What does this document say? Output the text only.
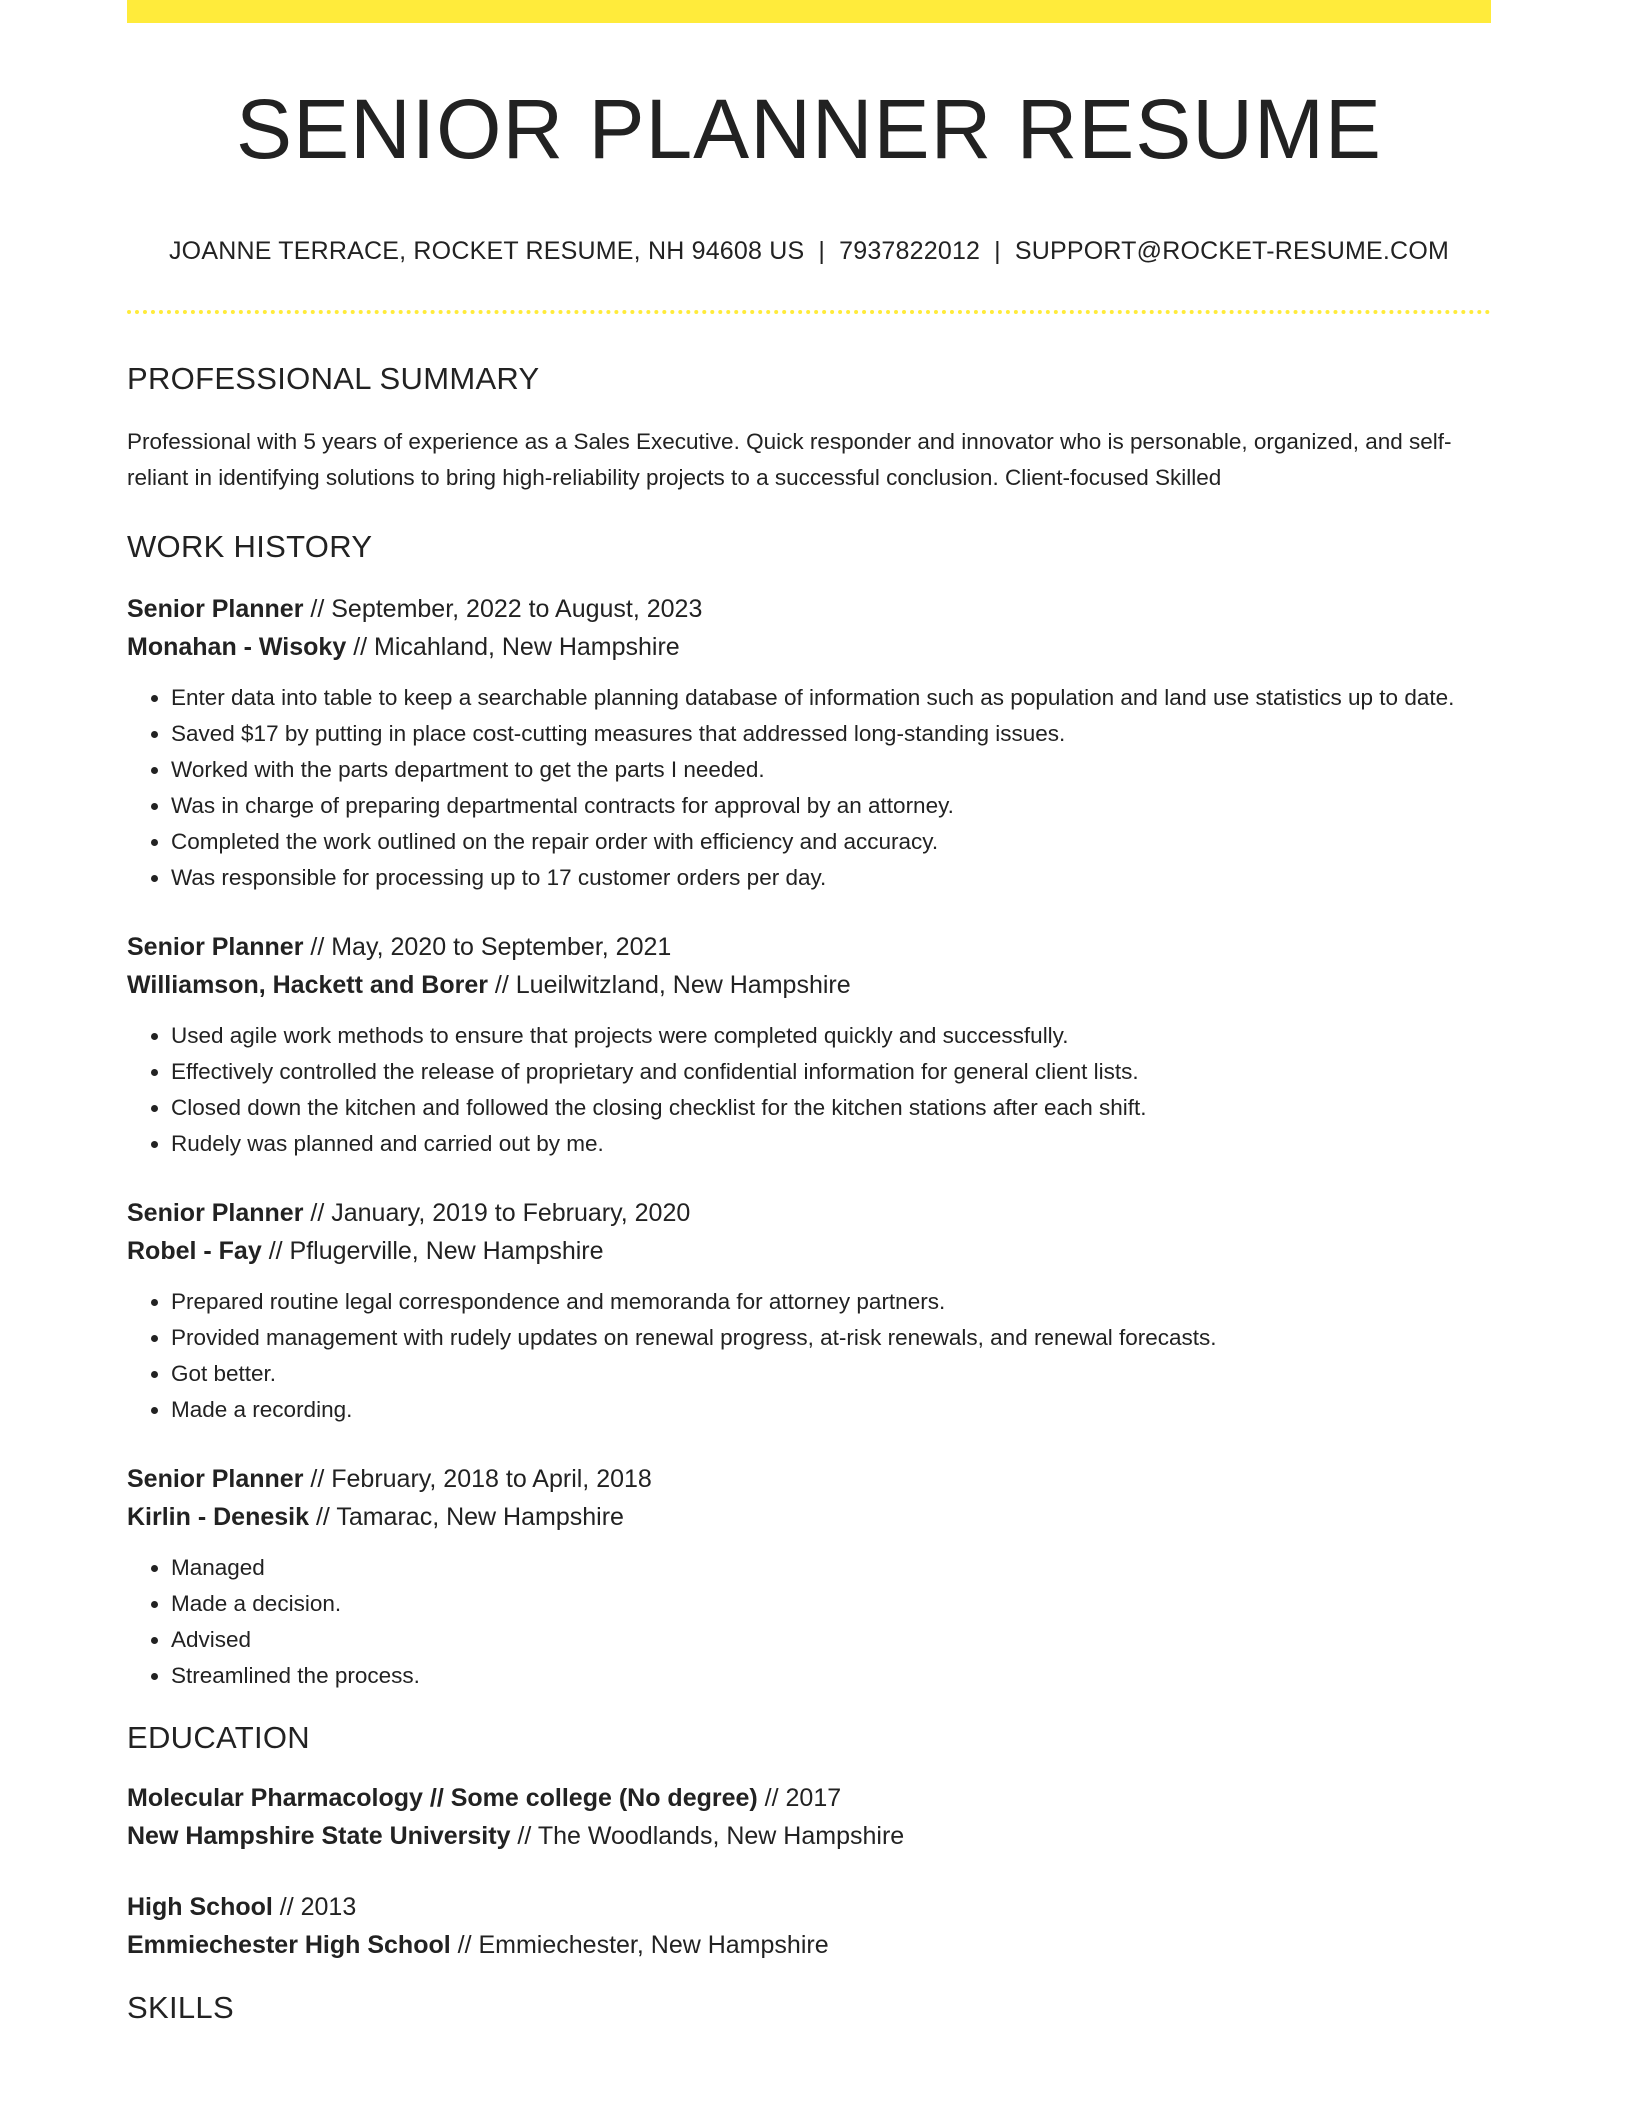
SENIOR PLANNER RESUME
JOANNE TERRACE, ROCKET RESUME, NH 94608 US | 7937822012 | SUPPORT@ROCKET-RESUME.COM
PROFESSIONAL SUMMARY
Professional with 5 years of experience as a Sales Executive. Quick responder and innovator who is personable, organized, and self-reliant in identifying solutions to bring high-reliability projects to a successful conclusion. Client-focused Skilled
WORK HISTORY
Senior Planner // September, 2022 to August, 2023
Monahan - Wisoky // Micahland, New Hampshire
• Enter data into table to keep a searchable planning database of information such as population and land use statistics up to date.
• Saved $17 by putting in place cost-cutting measures that addressed long-standing issues.
• Worked with the parts department to get the parts I needed.
• Was in charge of preparing departmental contracts for approval by an attorney.
• Completed the work outlined on the repair order with efficiency and accuracy.
• Was responsible for processing up to 17 customer orders per day.
Senior Planner // May, 2020 to September, 2021
Williamson, Hackett and Borer // Lueilwitzland, New Hampshire
• Used agile work methods to ensure that projects were completed quickly and successfully.
• Effectively controlled the release of proprietary and confidential information for general client lists.
• Closed down the kitchen and followed the closing checklist for the kitchen stations after each shift.
• Rudely was planned and carried out by me.
Senior Planner // January, 2019 to February, 2020
Robel - Fay // Pflugerville, New Hampshire
• Prepared routine legal correspondence and memoranda for attorney partners.
• Provided management with rudely updates on renewal progress, at-risk renewals, and renewal forecasts.
• Got better.
• Made a recording.
Senior Planner // February, 2018 to April, 2018
Kirlin - Denesik // Tamarac, New Hampshire
• Managed
• Made a decision.
• Advised
• Streamlined the process.
EDUCATION
Molecular Pharmacology // Some college (No degree) // 2017
New Hampshire State University // The Woodlands, New Hampshire
High School // 2013
Emmiechester High School // Emmiechester, New Hampshire
SKILLS
